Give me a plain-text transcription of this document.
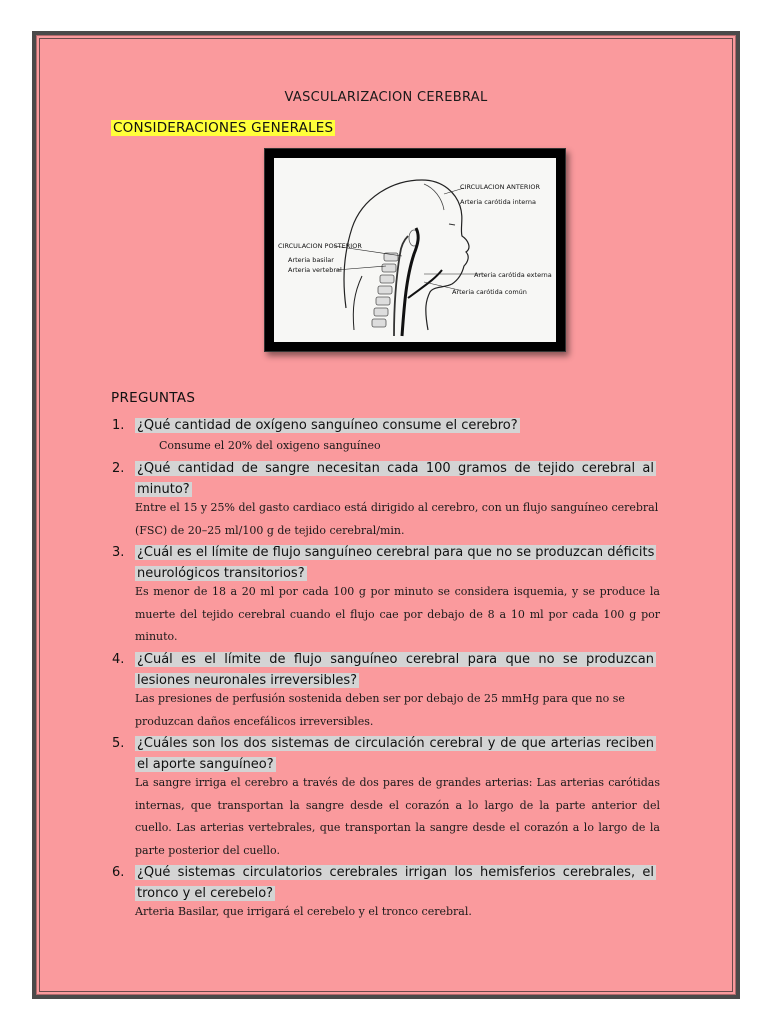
VASCULARIZACION CEREBRAL
CONSIDERACIONES GENERALES
CIRCULACION ANTERIOR
Arteria carótida interna
CIRCULACION POSTERIOR
Arteria basilar
Arteria vertebral
Arteria carótida externa
Arteria carótida común
PREGUNTAS
1. ¿Qué cantidad de oxígeno sanguíneo consume el cerebro?
Consume el 20% del oxigeno sanguíneo
2. ¿Qué cantidad de sangre necesitan cada 100 gramos de tejido cerebral al minuto?
Entre el 15 y 25% del gasto cardiaco está dirigido al cerebro, con un flujo sanguíneo cerebral (FSC) de 20–25 ml/100 g de tejido cerebral/min.
3. ¿Cuál es el límite de flujo sanguíneo cerebral para que no se produzcan déficits neurológicos transitorios?
Es menor de 18 a 20 ml por cada 100 g por minuto se considera isquemia, y se produce la muerte del tejido cerebral cuando el flujo cae por debajo de 8 a 10 ml por cada 100 g por minuto.
4. ¿Cuál es el límite de flujo sanguíneo cerebral para que no se produzcan lesiones neuronales irreversibles?
Las presiones de perfusión sostenida deben ser por debajo de 25 mmHg para que no se produzcan daños encefálicos irreversibles.
5. ¿Cuáles son los dos sistemas de circulación cerebral y de que arterias reciben el aporte sanguíneo?
La sangre irriga el cerebro a través de dos pares de grandes arterias: Las arterias carótidas internas, que transportan la sangre desde el corazón a lo largo de la parte anterior del cuello. Las arterias vertebrales, que transportan la sangre desde el corazón a lo largo de la parte posterior del cuello.
6. ¿Qué sistemas circulatorios cerebrales irrigan los hemisferios cerebrales, el tronco y el cerebelo?
Arteria Basilar, que irrigará el cerebelo y el tronco cerebral.
